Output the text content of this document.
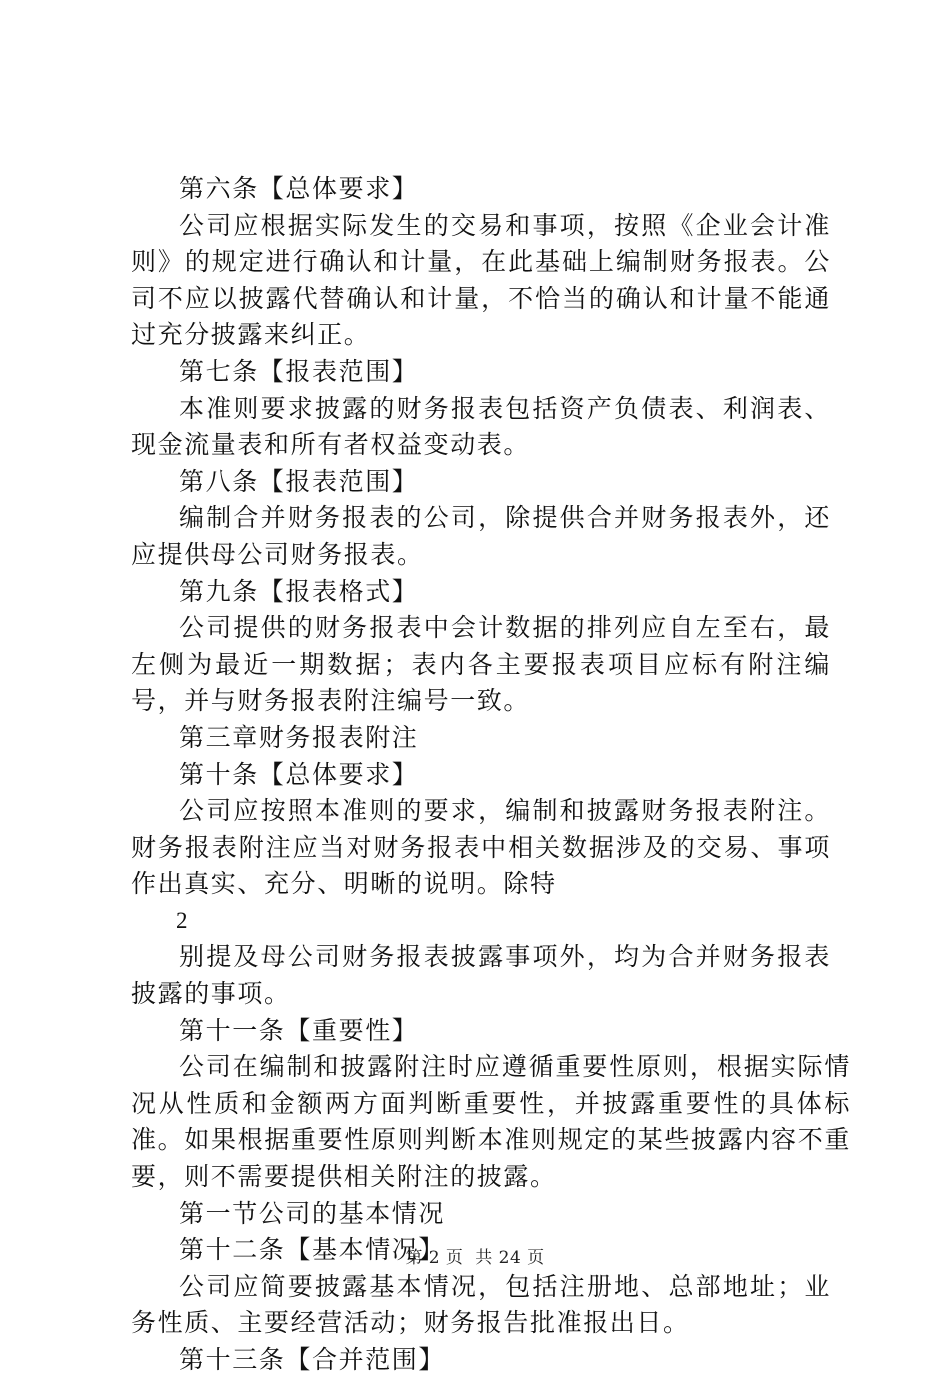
第六条【总体要求】

公司应根据实际发生的交易和事项，按照《企业会计准则》的规定进行确认和计量，在此基础上编制财务报表。公司不应以披露代替确认和计量，不恰当的确认和计量不能通过充分披露来纠正。

第七条【报表范围】

本准则要求披露的财务报表包括资产负债表、利润表、现金流量表和所有者权益变动表。

第八条【报表范围】

编制合并财务报表的公司，除提供合并财务报表外，还应提供母公司财务报表。

第九条【报表格式】

公司提供的财务报表中会计数据的排列应自左至右，最左侧为最近一期数据；表内各主要报表项目应标有附注编号，并与财务报表附注编号一致。

第三章财务报表附注

第十条【总体要求】

公司应按照本准则的要求，编制和披露财务报表附注。财务报表附注应当对财务报表中相关数据涉及的交易、事项作出真实、充分、明晰的说明。除特

2

别提及母公司财务报表披露事项外，均为合并财务报表披露的事项。

第十一条【重要性】

公司在编制和披露附注时应遵循重要性原则，根据实际情况从性质和金额两方面判断重要性，并披露重要性的具体标准。如果根据重要性原则判断本准则规定的某些披露内容不重要，则不需要提供相关附注的披露。

第一节公司的基本情况

第十二条【基本情况】

公司应简要披露基本情况，包括注册地、总部地址；业务性质、主要经营活动；财务报告批准报出日。

第十三条【合并范围】

第 2 页  共 24 页
